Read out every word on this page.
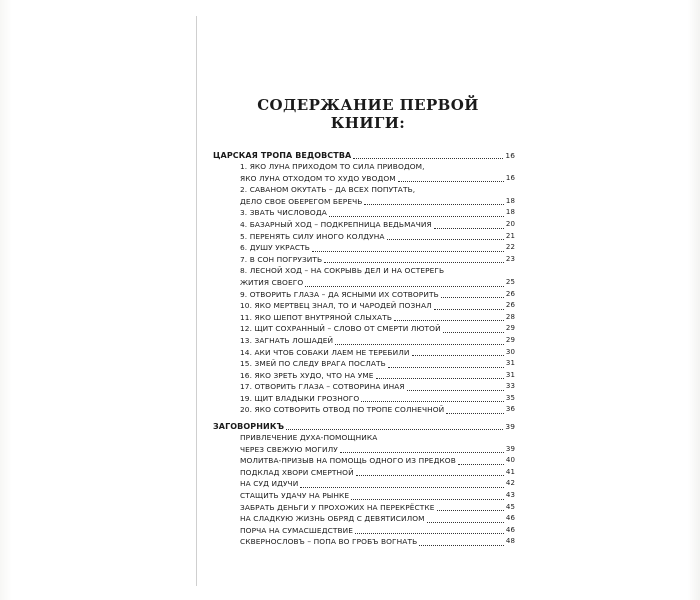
СОДЕРЖАНИЕ ПЕРВОЙ КНИГИ:
ЦАРСКАЯ ТРОПА ВЕДОВСТВА	16
1. ЯКО ЛУНА ПРИХОДОМ ТО СИЛА ПРИВОДОМ,
ЯКО ЛУНА ОТХОДОМ ТО ХУДО УВОДОМ	16
2. САВАНОМ ОКУТАТЬ – ДА ВСЕХ ПОПУТАТЬ,
ДЕЛО СВОЕ ОБЕРЕГОМ БЕРЕЧЬ	18
3. ЗВАТЬ ЧИСЛОВОДА	18
4. БАЗАРНЫЙ ХОД – ПОДКРЕПНИЦА ВЕДЬМАЧИЯ	20
5. ПЕРЕНЯТЬ СИЛУ ИНОГО КОЛДУНА	21
6. ДУШУ УКРАСТЬ	22
7. В СОН ПОГРУЗИТЬ	23
8. ЛЕСНОЙ ХОД – НА СОКРЫВЬ ДЕЛ И НА ОСТЕРЕГЬ
ЖИТИЯ СВОЕГО	25
9. ОТВОРИТЬ ГЛАЗА – ДА ЯСНЫМИ ИХ СОТВОРИТЬ	26
10. ЯКО МЕРТВЕЦ ЗНАЛ, ТО И ЧАРОДЕЙ ПОЗНАЛ	26
11. ЯКО ШЕПОТ ВНУТРЯНОЙ СЛЫХАТЬ	28
12. ЩИТ СОХРАННЫЙ – СЛОВО ОТ СМЕРТИ ЛЮТОЙ	29
13. ЗАГНАТЬ ЛОШАДЕЙ	29
14. АКИ ЧТОБ СОБАКИ ЛАЕМ НЕ ТЕРЕБИЛИ	30
15. ЗМЕЙ ПО СЛЕДУ ВРАГА ПОСЛАТЬ	31
16. ЯКО ЗРЕТЬ ХУДО, ЧТО НА УМЕ	31
17. ОТВОРИТЬ ГЛАЗА – СОТВОРИНА ИНАЯ	33
19. ЩИТ ВЛАДЫКИ ГРОЗНОГО	35
20. ЯКО СОТВОРИТЬ ОТВОД ПО ТРОПЕ СОЛНЕЧНОЙ	36
ЗАГОВОРНИКЪ	39
ПРИВЛЕЧЕНИЕ ДУХА-ПОМОЩНИКА
ЧЕРЕЗ СВЕЖУЮ МОГИЛУ	39
МОЛИТВА-ПРИЗЫВ НА ПОМОЩЬ ОДНОГО ИЗ ПРЕДКОВ	40
ПОДКЛАД ХВОРИ СМЕРТНОЙ	41
НА СУД ИДУЧИ	42
СТАЩИТЬ УДАЧУ НА РЫНКЕ	43
ЗАБРАТЬ ДЕНЬГИ У ПРОХОЖИХ НА ПЕРЕКРЁСТКЕ	45
НА СЛАДКУЮ ЖИЗНЬ ОБРЯД С ДЕВЯТИСИЛОМ	46
ПОРЧА НА СУМАСШЕДСТВИЕ	46
СКВЕРНОСЛОВЪ – ПОПА ВО ГРОБЪ ВОГНАТЬ	48
